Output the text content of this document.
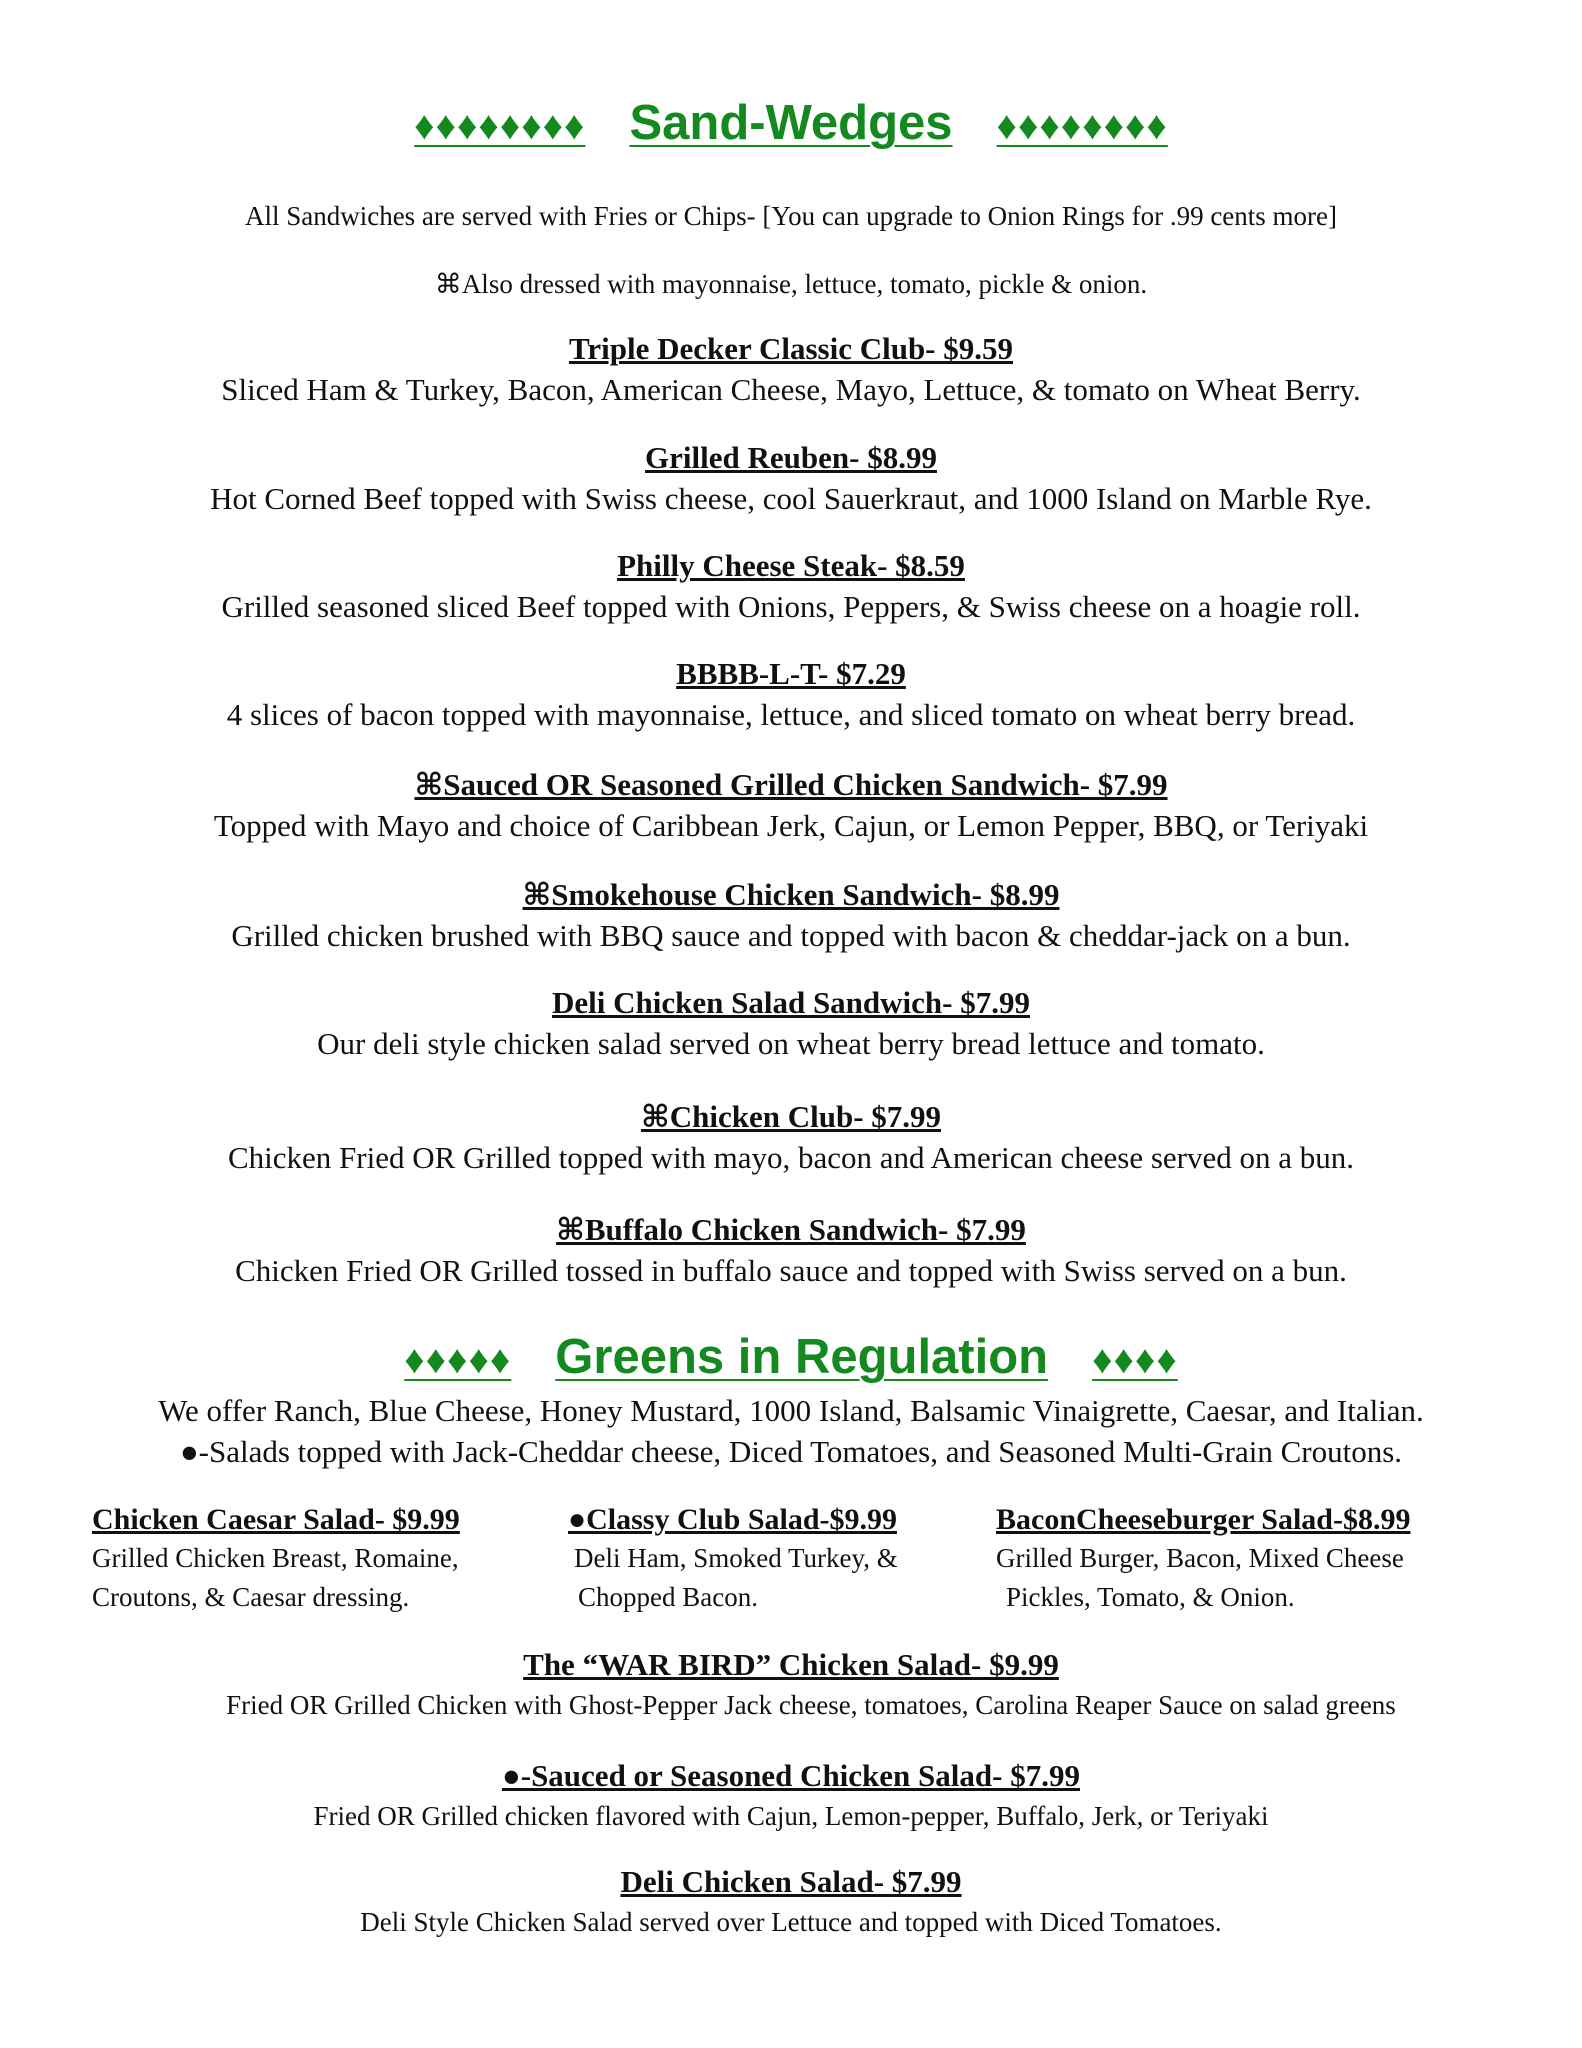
♦♦♦♦♦♦♦♦ Sand-Wedges ♦♦♦♦♦♦♦♦
All Sandwiches are served with Fries or Chips- [You can upgrade to Onion Rings for .99 cents more]
⌘Also dressed with mayonnaise, lettuce, tomato, pickle & onion.
Triple Decker Classic Club- $9.59
Sliced Ham & Turkey, Bacon, American Cheese, Mayo, Lettuce, & tomato on Wheat Berry.
Grilled Reuben- $8.99
Hot Corned Beef topped with Swiss cheese, cool Sauerkraut, and 1000 Island on Marble Rye.
Philly Cheese Steak- $8.59
Grilled seasoned sliced Beef topped with Onions, Peppers, & Swiss cheese on a hoagie roll.
BBBB-L-T- $7.29
4 slices of bacon topped with mayonnaise, lettuce, and sliced tomato on wheat berry bread.
⌘Sauced OR Seasoned Grilled Chicken Sandwich- $7.99
Topped with Mayo and choice of Caribbean Jerk, Cajun, or Lemon Pepper, BBQ, or Teriyaki
⌘Smokehouse Chicken Sandwich- $8.99
Grilled chicken brushed with BBQ sauce and topped with bacon & cheddar-jack on a bun.
Deli Chicken Salad Sandwich- $7.99
Our deli style chicken salad served on wheat berry bread lettuce and tomato.
⌘Chicken Club- $7.99
Chicken Fried OR Grilled topped with mayo, bacon and American cheese served on a bun.
⌘Buffalo Chicken Sandwich- $7.99
Chicken Fried OR Grilled tossed in buffalo sauce and topped with Swiss served on a bun.
♦♦♦♦♦ Greens in Regulation ♦♦♦♦
We offer Ranch, Blue Cheese, Honey Mustard, 1000 Island, Balsamic Vinaigrette, Caesar, and Italian.
●-Salads topped with Jack-Cheddar cheese, Diced Tomatoes, and Seasoned Multi-Grain Croutons.
Chicken Caesar Salad- $9.99
Grilled Chicken Breast, Romaine,
Croutons, & Caesar dressing.
●Classy Club Salad-$9.99
Deli Ham, Smoked Turkey, &
Chopped Bacon.
BaconCheeseburger Salad-$8.99
Grilled Burger, Bacon, Mixed Cheese
Pickles, Tomato, & Onion.
The “WAR BIRD” Chicken Salad- $9.99
Fried OR Grilled Chicken with Ghost-Pepper Jack cheese, tomatoes, Carolina Reaper Sauce on salad greens
●-Sauced or Seasoned Chicken Salad- $7.99
Fried OR Grilled chicken flavored with Cajun, Lemon-pepper, Buffalo, Jerk, or Teriyaki
Deli Chicken Salad- $7.99
Deli Style Chicken Salad served over Lettuce and topped with Diced Tomatoes.
